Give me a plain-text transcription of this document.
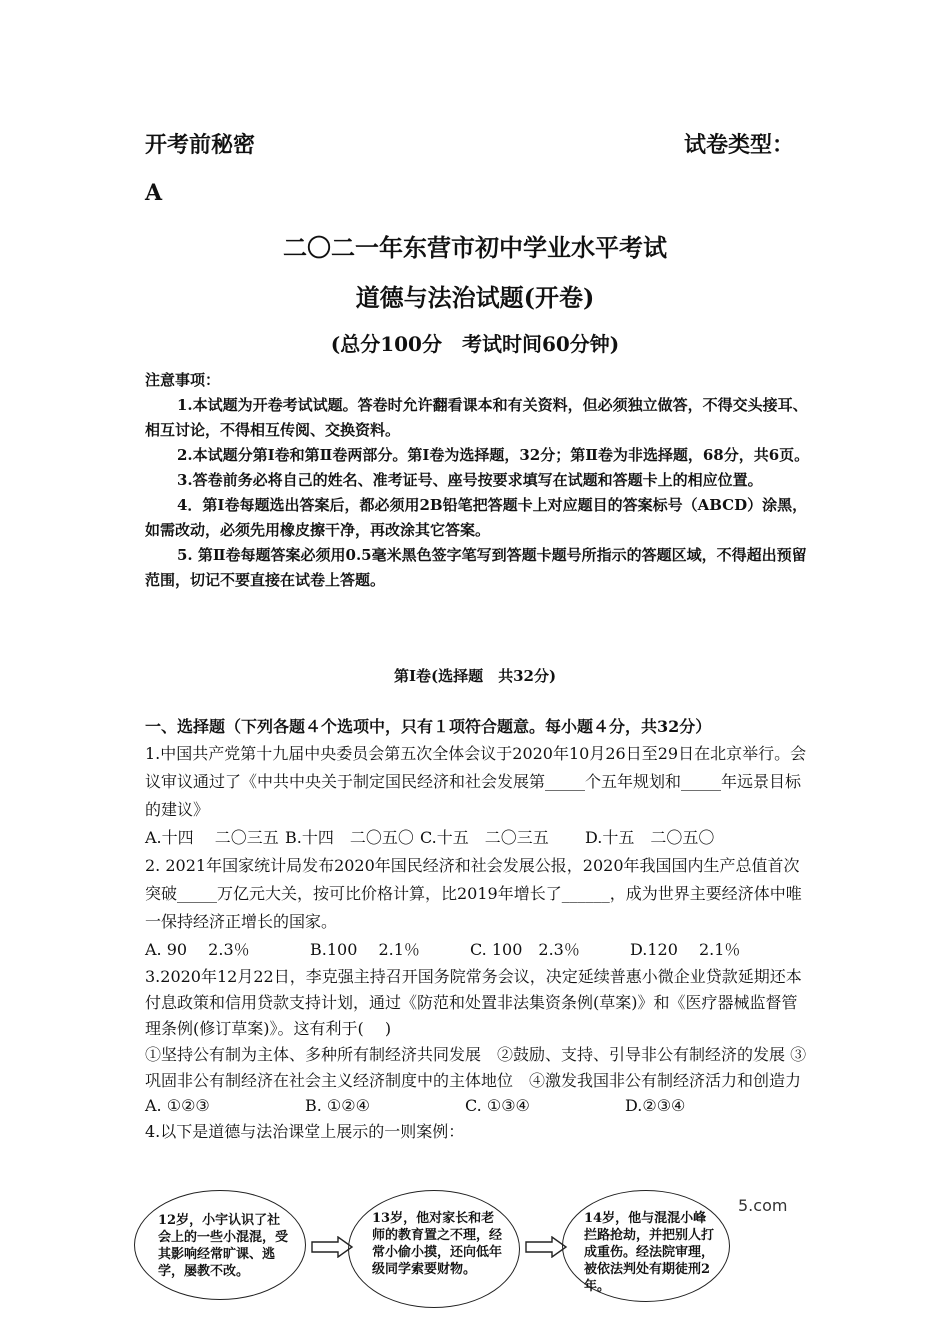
开考前秘密	试卷类型：
A
二〇二一年东营市初中学业水平考试
道德与法治试题(开卷)
(总分100分　考试时间60分钟)

注意事项：

1.本试题为开卷考试试题。答卷时允许翻看课本和有关资料，但必须独立做答，不得交头接耳、相互讨论，不得相互传阅、交换资料。

2.本试题分第Ⅰ卷和第Ⅱ卷两部分。第Ⅰ卷为选择题，32分；第Ⅱ卷为非选择题，68分，共6页。

3.答卷前务必将自己的姓名、准考证号、座号按要求填写在试题和答题卡上的相应位置。

4．第Ⅰ卷每题选出答案后，都必须用2B铅笔把答题卡上对应题目的答案标号（ABCD）涂黑，如需改动，必须先用橡皮擦干净，再改涂其它答案。

5. 第Ⅱ卷每题答案必须用0.5毫米黑色签字笔写到答题卡题号所指示的答题区域，不得超出预留范围，切记不要直接在试卷上答题。

第Ⅰ卷(选择题　共32分)
一、选择题（下列各题４个选项中，只有１项符合题意。每小题４分，共32分）

1.中国共产党第十九届中央委员会第五次全体会议于2020年10月26日至29日在北京举行。会议审议通过了《中共中央关于制定国民经济和社会发展第_____个五年规划和_____年远景目标的建议》

A.十四　 二〇三五 B.十四　二〇五〇 C.十五　二〇三五	D.十五　二〇五〇

2. 2021年国家统计局发布2020年国民经济和社会发展公报，2020年我国国内生产总值首次突破_____万亿元大关，按可比价格计算，比2019年增长了______，成为世界主要经济体中唯一保持经济正增长的国家。

A. 90　 2.3％	B.100　 2.1％	C. 100　2.3％	D.120　 2.1％

3.2020年12月22日，李克强主持召开国务院常务会议，决定延续普惠小微企业贷款延期还本付息政策和信用贷款支持计划，通过《防范和处置非法集资条例(草案)》和《医疗器械监督管理条例(修订草案)》。这有利于(　 )

①坚持公有制为主体、多种所有制经济共同发展　②鼓励、支持、引导非公有制经济的发展 ③巩固非公有制经济在社会主义经济制度中的主体地位　④激发我国非公有制经济活力和创造力

A. ①②③	B. ①②④	C. ①③④	D.②③④

4.以下是道德与法治课堂上展示的一则案例：

5.com
12岁，小宇认识了社会上的一些小混混，受其影响经常旷课、逃学，屡教不改。
13岁，他对家长和老师的教育置之不理，经常小偷小摸，还向低年级同学索要财物。
14岁，他与混混小峰拦路抢劫，并把别人打成重伤。经法院审理，被依法判处有期徒刑2年。
